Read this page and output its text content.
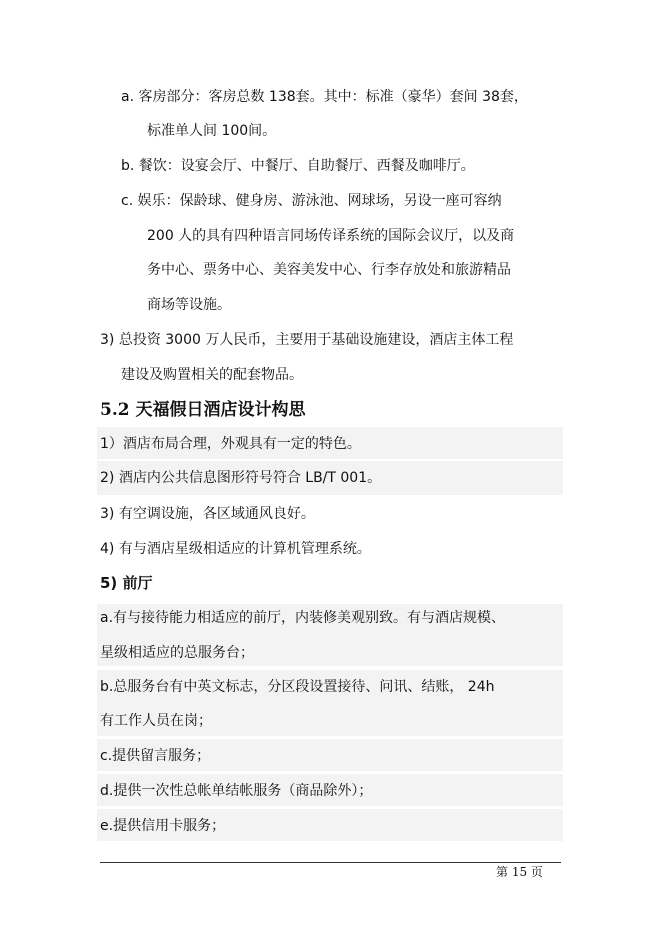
a. 客房部分：客房总数 138套。其中：标准（豪华）套间 38套，
标准单人间 100间。
b. 餐饮：设宴会厅、中餐厅、自助餐厅、西餐及咖啡厅。
c. 娱乐：保龄球、健身房、游泳池、网球场，另设一座可容纳
200 人的具有四种语言同场传译系统的国际会议厅，以及商
务中心、票务中心、美容美发中心、行李存放处和旅游精品
商场等设施。
3) 总投资 3000 万人民币，主要用于基础设施建设，酒店主体工程
建设及购置相关的配套物品。
5.2 天福假日酒店设计构思
1）酒店布局合理，外观具有一定的特色。
2) 酒店内公共信息图形符号符合 LB/T 001。
3) 有空调设施，各区域通风良好。
4) 有与酒店星级相适应的计算机管理系统。
5) 前厅
a.有与接待能力相适应的前厅，内装修美观别致。有与酒店规模、
星级相适应的总服务台；
b.总服务台有中英文标志，分区段设置接待、问讯、结账， 24h
有工作人员在岗；
c.提供留言服务；
d.提供一次性总帐单结帐服务（商品除外）；
e.提供信用卡服务；
第 15 页
